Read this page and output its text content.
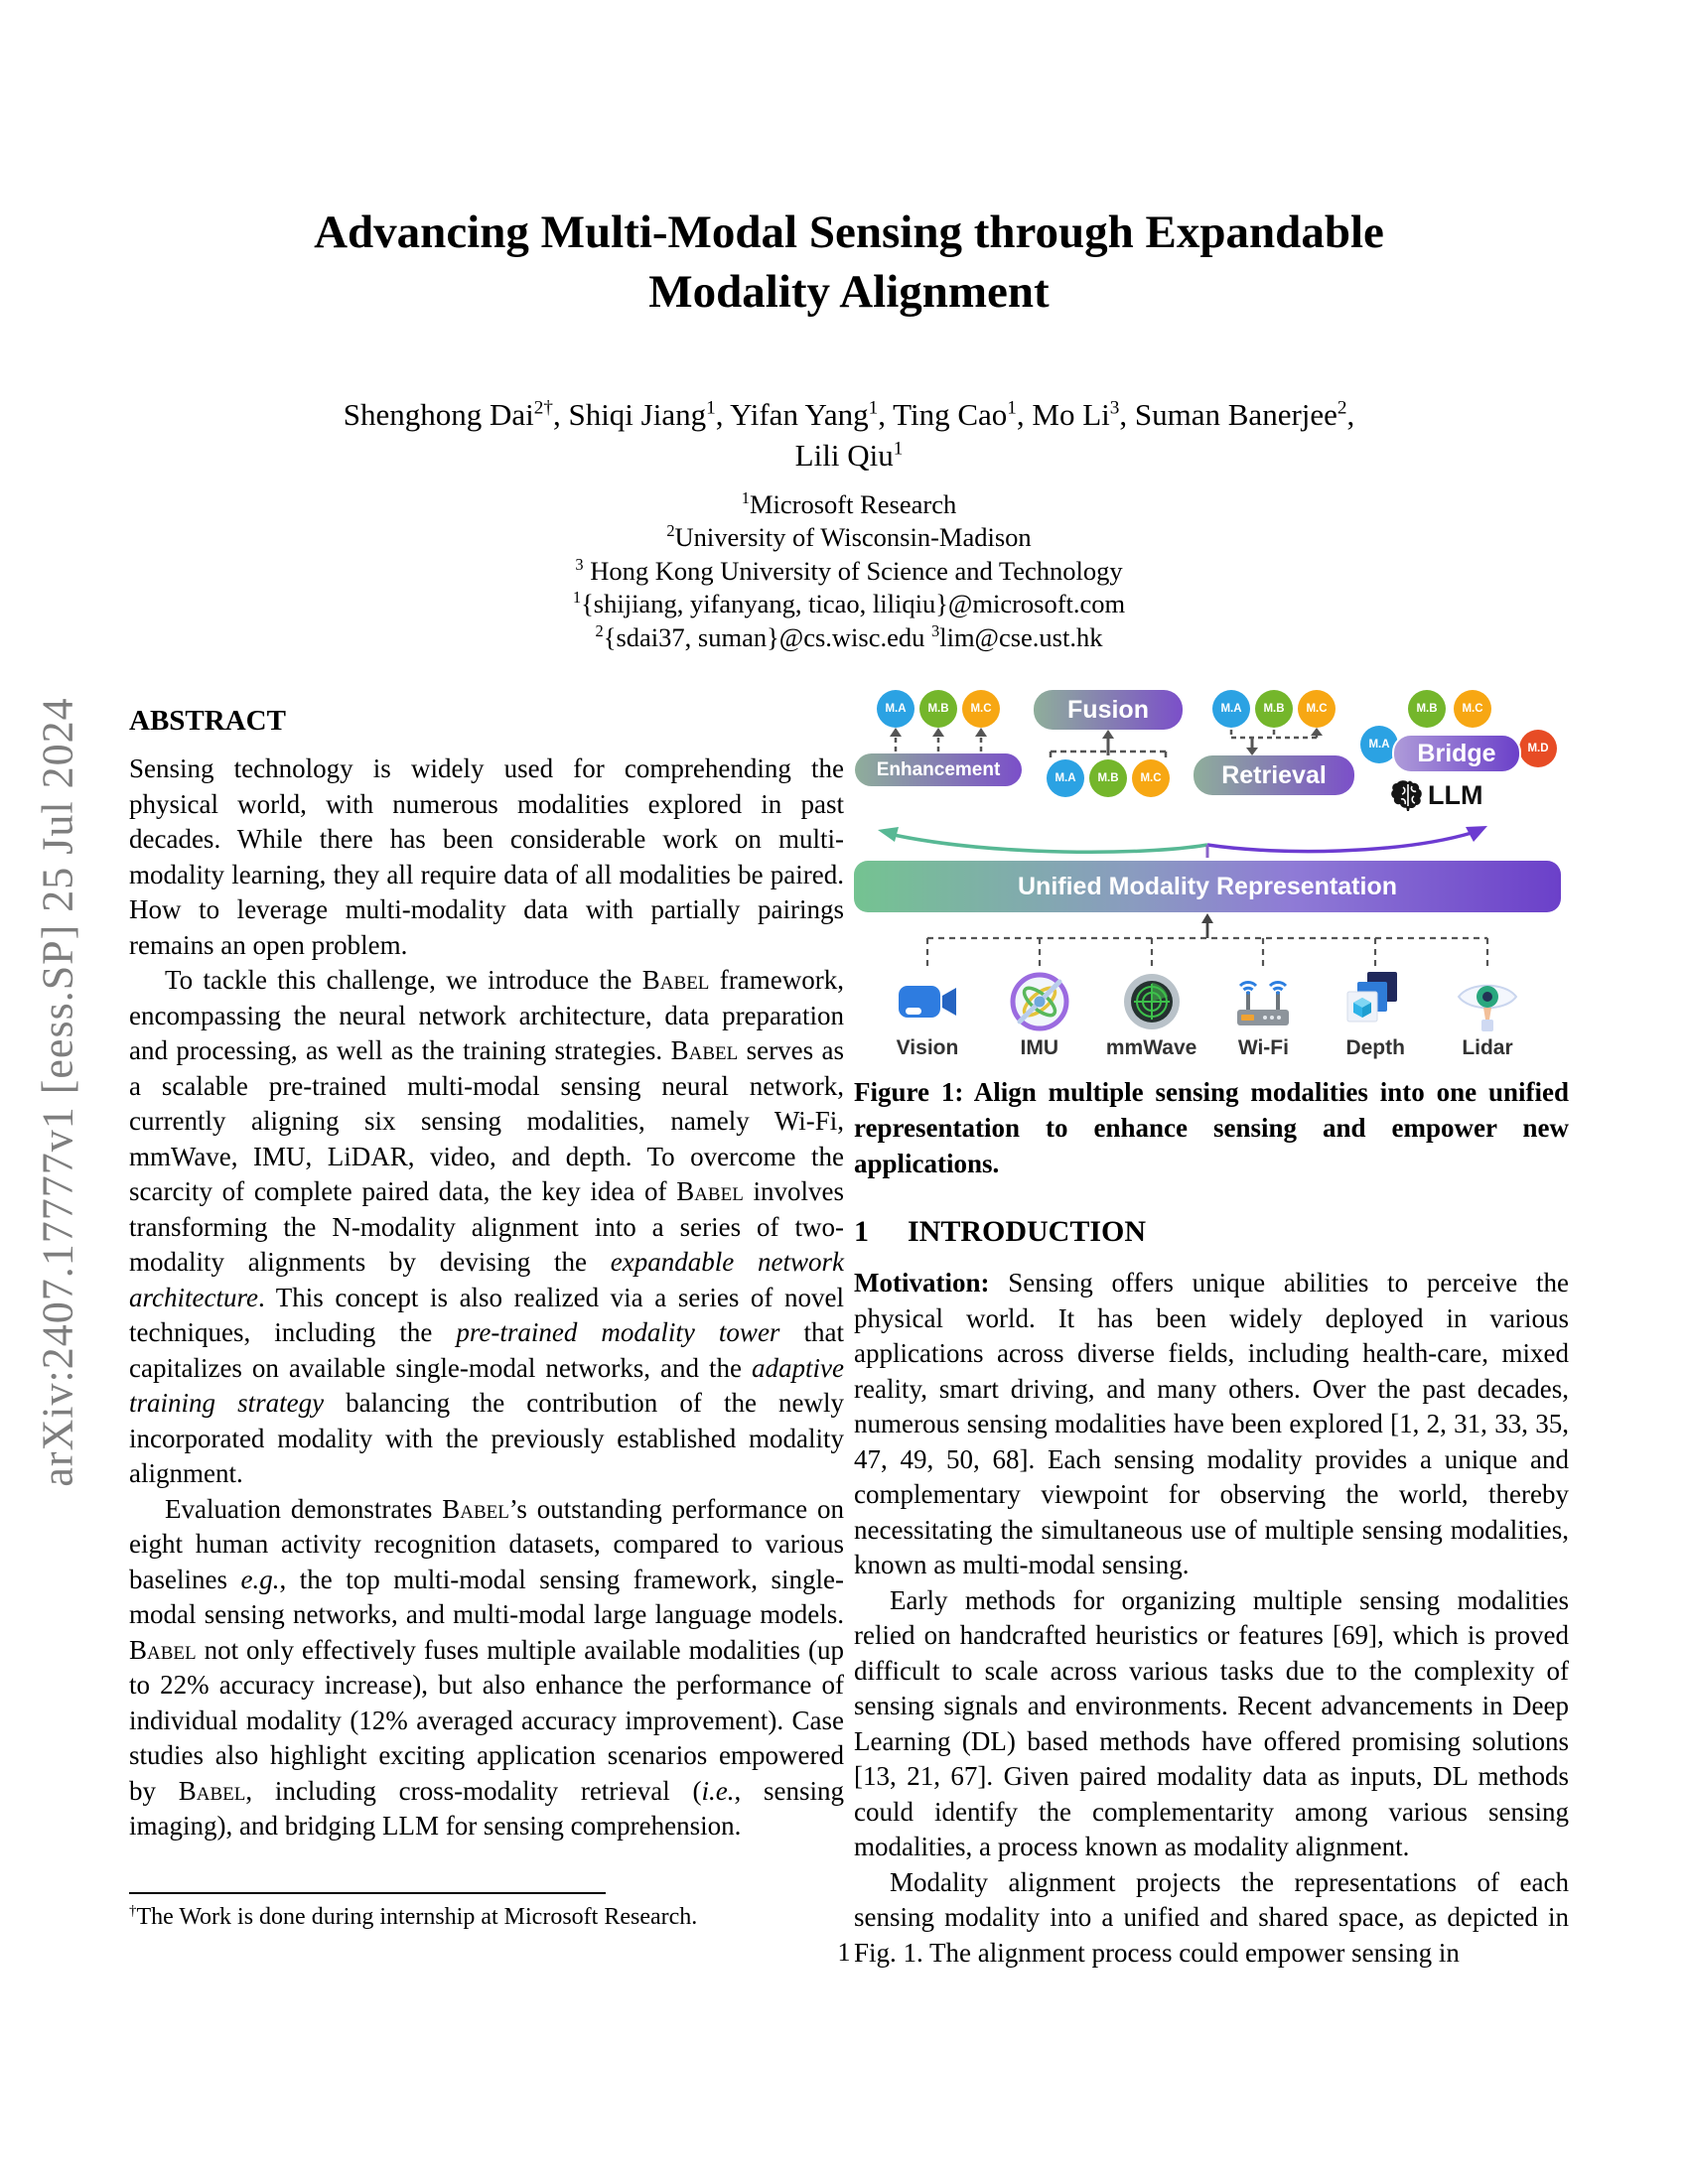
arXiv:2407.17777v1 [eess.SP] 25 Jul 2024
Advancing Multi-Modal Sensing through Expandable Modality Alignment
Shenghong Dai$^{2\dagger}$, Shiqi Jiang$^1$, Yifan Yang$^1$, Ting Cao$^1$, Mo Li$^3$, Suman Banerjee$^2$,
Lili Qiu$^1$
$^1$Microsoft Research
$^2$University of Wisconsin-Madison
$^3$ Hong Kong University of Science and Technology
$^1${shijiang, yifanyang, ticao, liliqiu}@microsoft.com
$^2${sdai37, suman}@cs.wisc.edu $^3$lim@cse.ust.hk
ABSTRACT

Sensing technology is widely used for comprehending the physical world, with numerous modalities explored in past decades. While there has been considerable work on multi-modality learning, they all require data of all modalities be paired. How to leverage multi-modality data with partially pairings remains an open problem.

To tackle this challenge, we introduce the Babel framework, encompassing the neural network architecture, data preparation and processing, as well as the training strategies. Babel serves as a scalable pre-trained multi-modal sensing neural network, currently aligning six sensing modalities, namely Wi-Fi, mmWave, IMU, LiDAR, video, and depth. To overcome the scarcity of complete paired data, the key idea of Babel involves transforming the N-modality alignment into a series of two-modality alignments by devising the expandable network architecture. This concept is also realized via a series of novel techniques, including the pre-trained modality tower that capitalizes on available single-modal networks, and the adaptive training strategy balancing the contribution of the newly incorporated modality with the previously established modality alignment.

Evaluation demonstrates Babel’s outstanding performance on eight human activity recognition datasets, compared to various baselines e.g., the top multi-modal sensing framework, single-modal sensing networks, and multi-modal large language models. Babel not only effectively fuses multiple available modalities (up to 22% accuracy increase), but also enhance the performance of individual modality (12% averaged accuracy improvement). Case studies also highlight exciting application scenarios empowered by Babel, including cross-modality retrieval (i.e., sensing imaging), and bridging LLM for sensing comprehension.

M.A	M.B	M.C
Enhancement
Fusion
M.A	M.B	M.C
M.A	M.B	M.C
Retrieval
M.A
M.B	M.C
M.D
Bridge
LLM
Unified Modality Representation
Vision	IMU mmWave Wi-Fi	Depth	Lidar
Figure 1: Align multiple sensing modalities into one unified representation to enhance sensing and empower new applications.
1 INTRODUCTION

Motivation: Sensing offers unique abilities to perceive the physical world. It has been widely deployed in various applications across diverse fields, including health-care, mixed reality, smart driving, and many others. Over the past decades, numerous sensing modalities have been explored [1, 2, 31, 33, 35, 47, 49, 50, 68]. Each sensing modality provides a unique and complementary viewpoint for observing the world, thereby necessitating the simultaneous use of multiple sensing modalities, known as multi-modal sensing.

Early methods for organizing multiple sensing modalities relied on handcrafted heuristics or features [69], which is proved difficult to scale across various tasks due to the complexity of sensing signals and environments. Recent advancements in Deep Learning (DL) based methods have offered promising solutions [13, 21, 67]. Given paired modality data as inputs, DL methods could identify the complementarity among various sensing modalities, a process known as modality alignment.

Modality alignment projects the representations of each sensing modality into a unified and shared space, as depicted in Fig. 1. The alignment process could empower sensing in

†The Work is done during internship at Microsoft Research.
1
